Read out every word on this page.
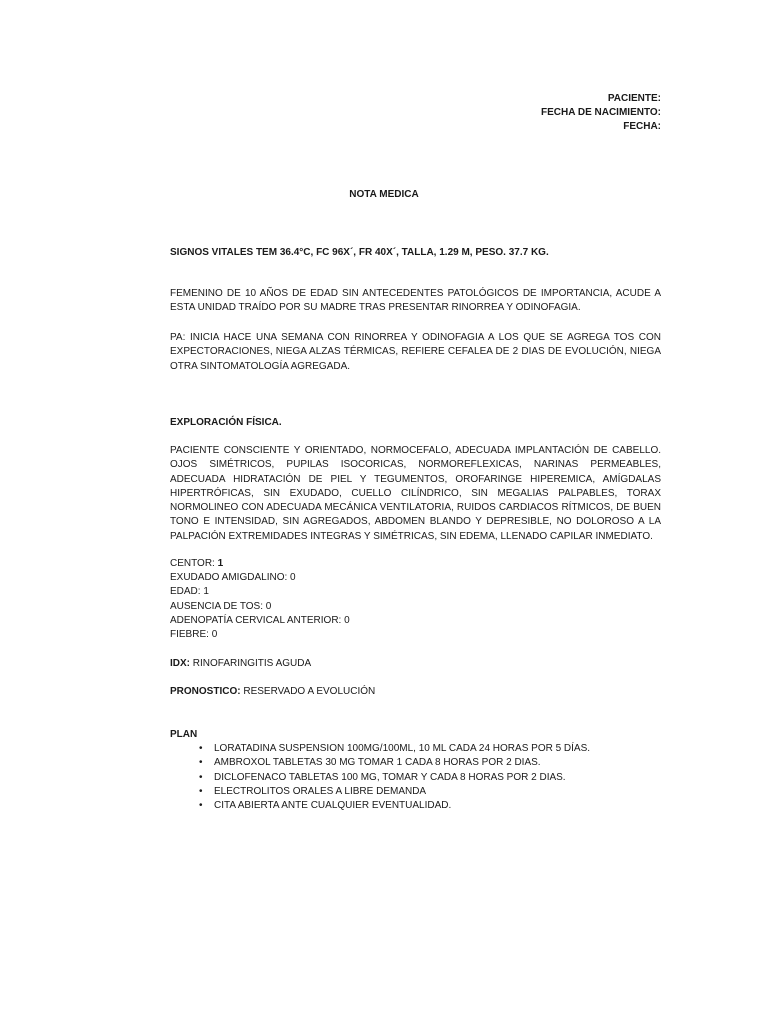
PACIENTE:
FECHA DE NACIMIENTO:
FECHA:
NOTA MEDICA
SIGNOS VITALES TEM 36.4°C, FC 96X´, FR 40X´, TALLA, 1.29 M, PESO. 37.7 KG.
FEMENINO DE 10 AÑOS DE EDAD SIN ANTECEDENTES PATOLÓGICOS DE IMPORTANCIA, ACUDE A ESTA UNIDAD TRAÍDO POR SU MADRE TRAS PRESENTAR RINORREA Y ODINOFAGIA.
PA: INICIA HACE UNA SEMANA CON RINORREA Y ODINOFAGIA A LOS QUE SE AGREGA TOS CON EXPECTORACIONES, NIEGA ALZAS TÉRMICAS, REFIERE CEFALEA DE 2 DIAS DE EVOLUCIÓN, NIEGA OTRA SINTOMATOLOGÍA AGREGADA.
EXPLORACIÓN FÍSICA.
PACIENTE CONSCIENTE Y ORIENTADO, NORMOCEFALO, ADECUADA IMPLANTACIÓN DE CABELLO. OJOS SIMÉTRICOS, PUPILAS ISOCORICAS, NORMOREFLEXICAS, NARINAS PERMEABLES, ADECUADA HIDRATACIÓN DE PIEL Y TEGUMENTOS, OROFARINGE HIPEREMICA, AMÍGDALAS HIPERTRÓFICAS, SIN EXUDADO, CUELLO CILÍNDRICO, SIN MEGALIAS PALPABLES, TORAX NORMOLINEO CON ADECUADA MECÁNICA VENTILATORIA, RUIDOS CARDIACOS RÍTMICOS, DE BUEN TONO E INTENSIDAD, SIN AGREGADOS, ABDOMEN BLANDO Y DEPRESIBLE, NO DOLOROSO A LA PALPACIÓN EXTREMIDADES INTEGRAS Y SIMÉTRICAS, SIN EDEMA, LLENADO CAPILAR INMEDIATO.
CENTOR: 1
EXUDADO AMIGDALINO: 0
EDAD: 1
AUSENCIA DE TOS: 0
ADENOPATÍA CERVICAL ANTERIOR: 0
FIEBRE: 0
IDX: RINOFARINGITIS AGUDA
PRONOSTICO: RESERVADO A EVOLUCIÓN
PLAN
• LORATADINA SUSPENSION 100MG/100ML, 10 ML CADA 24 HORAS POR 5 DÍAS.
• AMBROXOL TABLETAS 30 MG TOMAR 1 CADA 8 HORAS POR 2 DIAS.
• DICLOFENACO TABLETAS 100 MG, TOMAR Y CADA 8 HORAS POR 2 DIAS.
• ELECTROLITOS ORALES A LIBRE DEMANDA
• CITA ABIERTA ANTE CUALQUIER EVENTUALIDAD.
